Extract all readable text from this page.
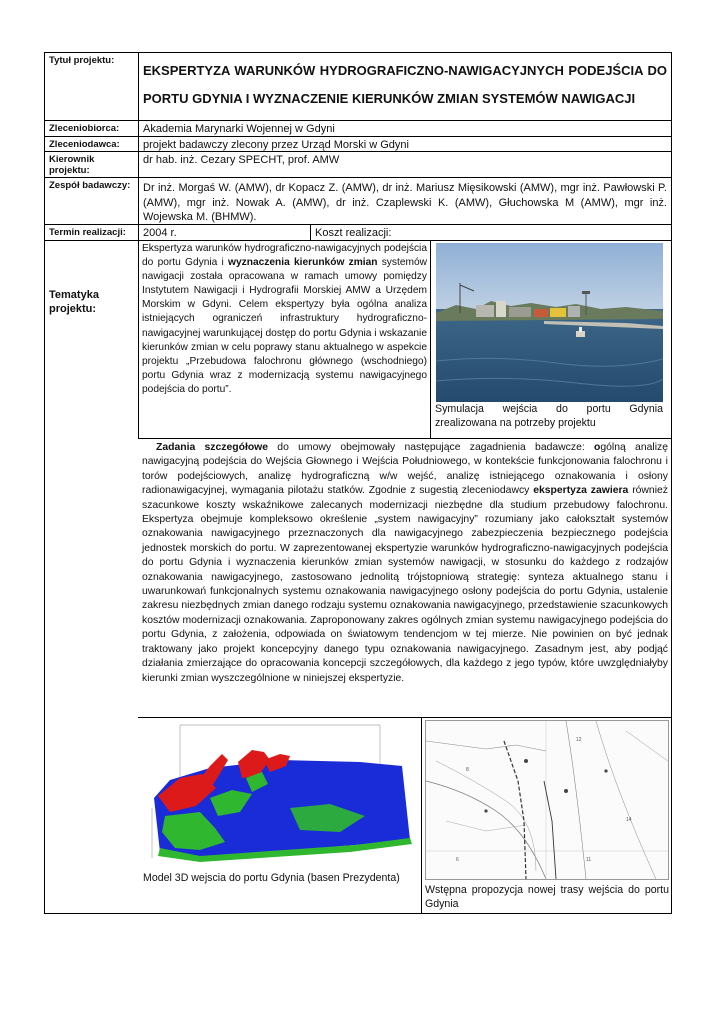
Tytuł projektu:
EKSPERTYZA WARUNKÓW HYDROGRAFICZNO-NAWIGACYJNYCH PODEJŚCIA DO PORTU GDYNIA I WYZNACZENIE KIERUNKÓW ZMIAN SYSTEMÓW NAWIGACJI
Zleceniobiorca:	Akademia Marynarki Wojennej w Gdyni
Zleceniodawca:	projekt badawczy zlecony przez Urząd Morski w Gdyni
Kierownik projektu:
dr hab. inż. Cezary SPECHT, prof. AMW
Zespół badawczy:	Dr inż. Morgaś W. (AMW), dr Kopacz Z. (AMW), dr inż. Mariusz Mięsikowski (AMW), mgr inż. Pawłowski P. (AMW), mgr inż. Nowak A. (AMW), dr inż. Czaplewski K. (AMW), Głuchowska M (AMW), mgr inż. Wojewska M. (BHMW).
Termin realizacji:	2004 r.	Koszt realizacji:
Tematyka projektu:
Ekspertyza warunków hydrograficzno-nawigacyjnych podejścia do portu Gdynia i wyznaczenia kierunków zmian systemów nawigacji została opracowana w ramach umowy pomiędzy Instytutem Nawigacji i Hydrografii Morskiej AMW a Urzędem Morskim w Gdyni. Celem ekspertyzy była ogólna analiza istniejących ograniczeń infrastruktury hydrograficzno-nawigacyjnej warunkującej dostęp do portu Gdynia i wskazanie kierunków zmian w celu poprawy stanu aktualnego w aspekcie projektu „Przebudowa falochronu głównego (wschodniego) portu Gdynia wraz z modernizacją systemu nawigacyjnego podejścia do portu”.
Symulacja wejścia do portu Gdynia zrealizowana na potrzeby projektu
Zadania szczegółowe do umowy obejmowały następujące zagadnienia badawcze: ogólną analizę nawigacyjną podejścia do Wejścia Głownego i Wejścia Południowego, w kontekście funkcjonowania falochronu i torów podejściowych, analizę hydrograficzną w/w wejść, analizę istniejącego oznakowania i osłony radionawigacyjnej, wymagania pilotażu statków. Zgodnie z sugestią zleceniodawcy ekspertyza zawiera również szacunkowe koszty wskaźnikowe zalecanych modernizacji niezbędne dla studium przebudowy falochronu. Ekspertyza obejmuje kompleksowo określenie „system nawigacyjny” rozumiany jako całokształt systemów oznakowania nawigacyjnego przeznaczonych dla nawigacyjnego zabezpieczenia bezpiecznego podejścia jednostek morskich do portu. W zaprezentowanej ekspertyzie warunków hydrograficzno-nawigacyjnych podejścia do portu Gdynia i wyznaczenia kierunków zmian systemów nawigacji, w stosunku do każdego z rodzajów oznakowania nawigacyjnego, zastosowano jednolitą trójstopniową strategię: synteza aktualnego stanu i uwarunkowań funkcjonalnych systemu oznakowania nawigacyjnego osłony podejścia do portu Gdynia, ustalenie zakresu niezbędnych zmian danego rodzaju systemu oznakowania nawigacyjnego, przedstawienie szacunkowych kosztów modernizacji oznakowania. Zaproponowany zakres ogólnych zmian systemu nawigacyjnego podejścia do portu Gdynia, z założenia, odpowiada on światowym tendencjom w tej mierze. Nie powinien on być jednak traktowany jako projekt koncepcyjny danego typu oznakowania nawigacyjnego. Zasadnym jest, aby podjąć działania zmierzające do opracowania koncepcji szczegółowych, dla każdego z jego typów, które uwzględniałyby kierunki zmian wyszczególnione w niniejszej ekspertyzie.
Model 3D wejscia do portu Gdynia (basen Prezydenta)
12
8
14
6	11
Wstępna propozycja nowej trasy wejścia do portu Gdynia
